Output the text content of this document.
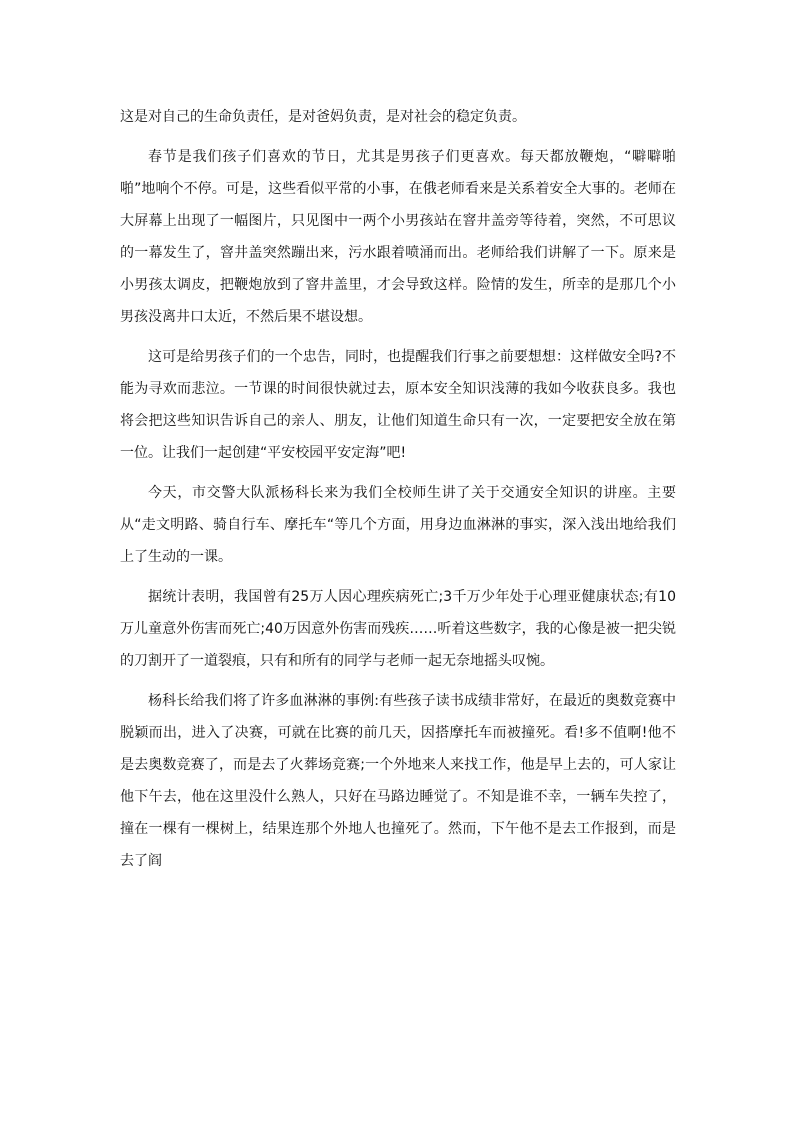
这是对自己的生命负责任，是对爸妈负责，是对社会的稳定负责。

春节是我们孩子们喜欢的节日，尤其是男孩子们更喜欢。每天都放鞭炮，“噼噼啪啪”地响个不停。可是，这些看似平常的小事，在俄老师看来是关系着安全大事的。老师在大屏幕上出现了一幅图片，只见图中一两个小男孩站在窨井盖旁等待着，突然，不可思议的一幕发生了，窨井盖突然蹦出来，污水跟着喷涌而出。老师给我们讲解了一下。原来是小男孩太调皮，把鞭炮放到了窨井盖里，才会导致这样。险情的发生，所幸的是那几个小男孩没离井口太近，不然后果不堪设想。

这可是给男孩子们的一个忠告，同时，也提醒我们行事之前要想想：这样做安全吗?不能为寻欢而悲泣。一节课的时间很快就过去，原本安全知识浅薄的我如今收获良多。我也将会把这些知识告诉自己的亲人、朋友，让他们知道生命只有一次，一定要把安全放在第一位。让我们一起创建“平安校园平安定海”吧!

今天，市交警大队派杨科长来为我们全校师生讲了关于交通安全知识的讲座。主要从“走文明路、骑自行车、摩托车“等几个方面，用身边血淋淋的事实，深入浅出地给我们上了生动的一课。

据统计表明，我国曾有25万人因心理疾病死亡;3千万少年处于心理亚健康状态;有10万儿童意外伤害而死亡;40万因意外伤害而残疾……听着这些数字，我的心像是被一把尖锐的刀割开了一道裂痕，只有和所有的同学与老师一起无奈地摇头叹惋。

杨科长给我们将了许多血淋淋的事例:有些孩子读书成绩非常好，在最近的奥数竞赛中脱颖而出，进入了决赛，可就在比赛的前几天，因搭摩托车而被撞死。看!多不值啊!他不是去奥数竞赛了，而是去了火葬场竞赛;一个外地来人来找工作，他是早上去的，可人家让他下午去，他在这里没什么熟人，只好在马路边睡觉了。不知是谁不幸，一辆车失控了，撞在一棵有一棵树上，结果连那个外地人也撞死了。然而，下午他不是去工作报到，而是去了阎
